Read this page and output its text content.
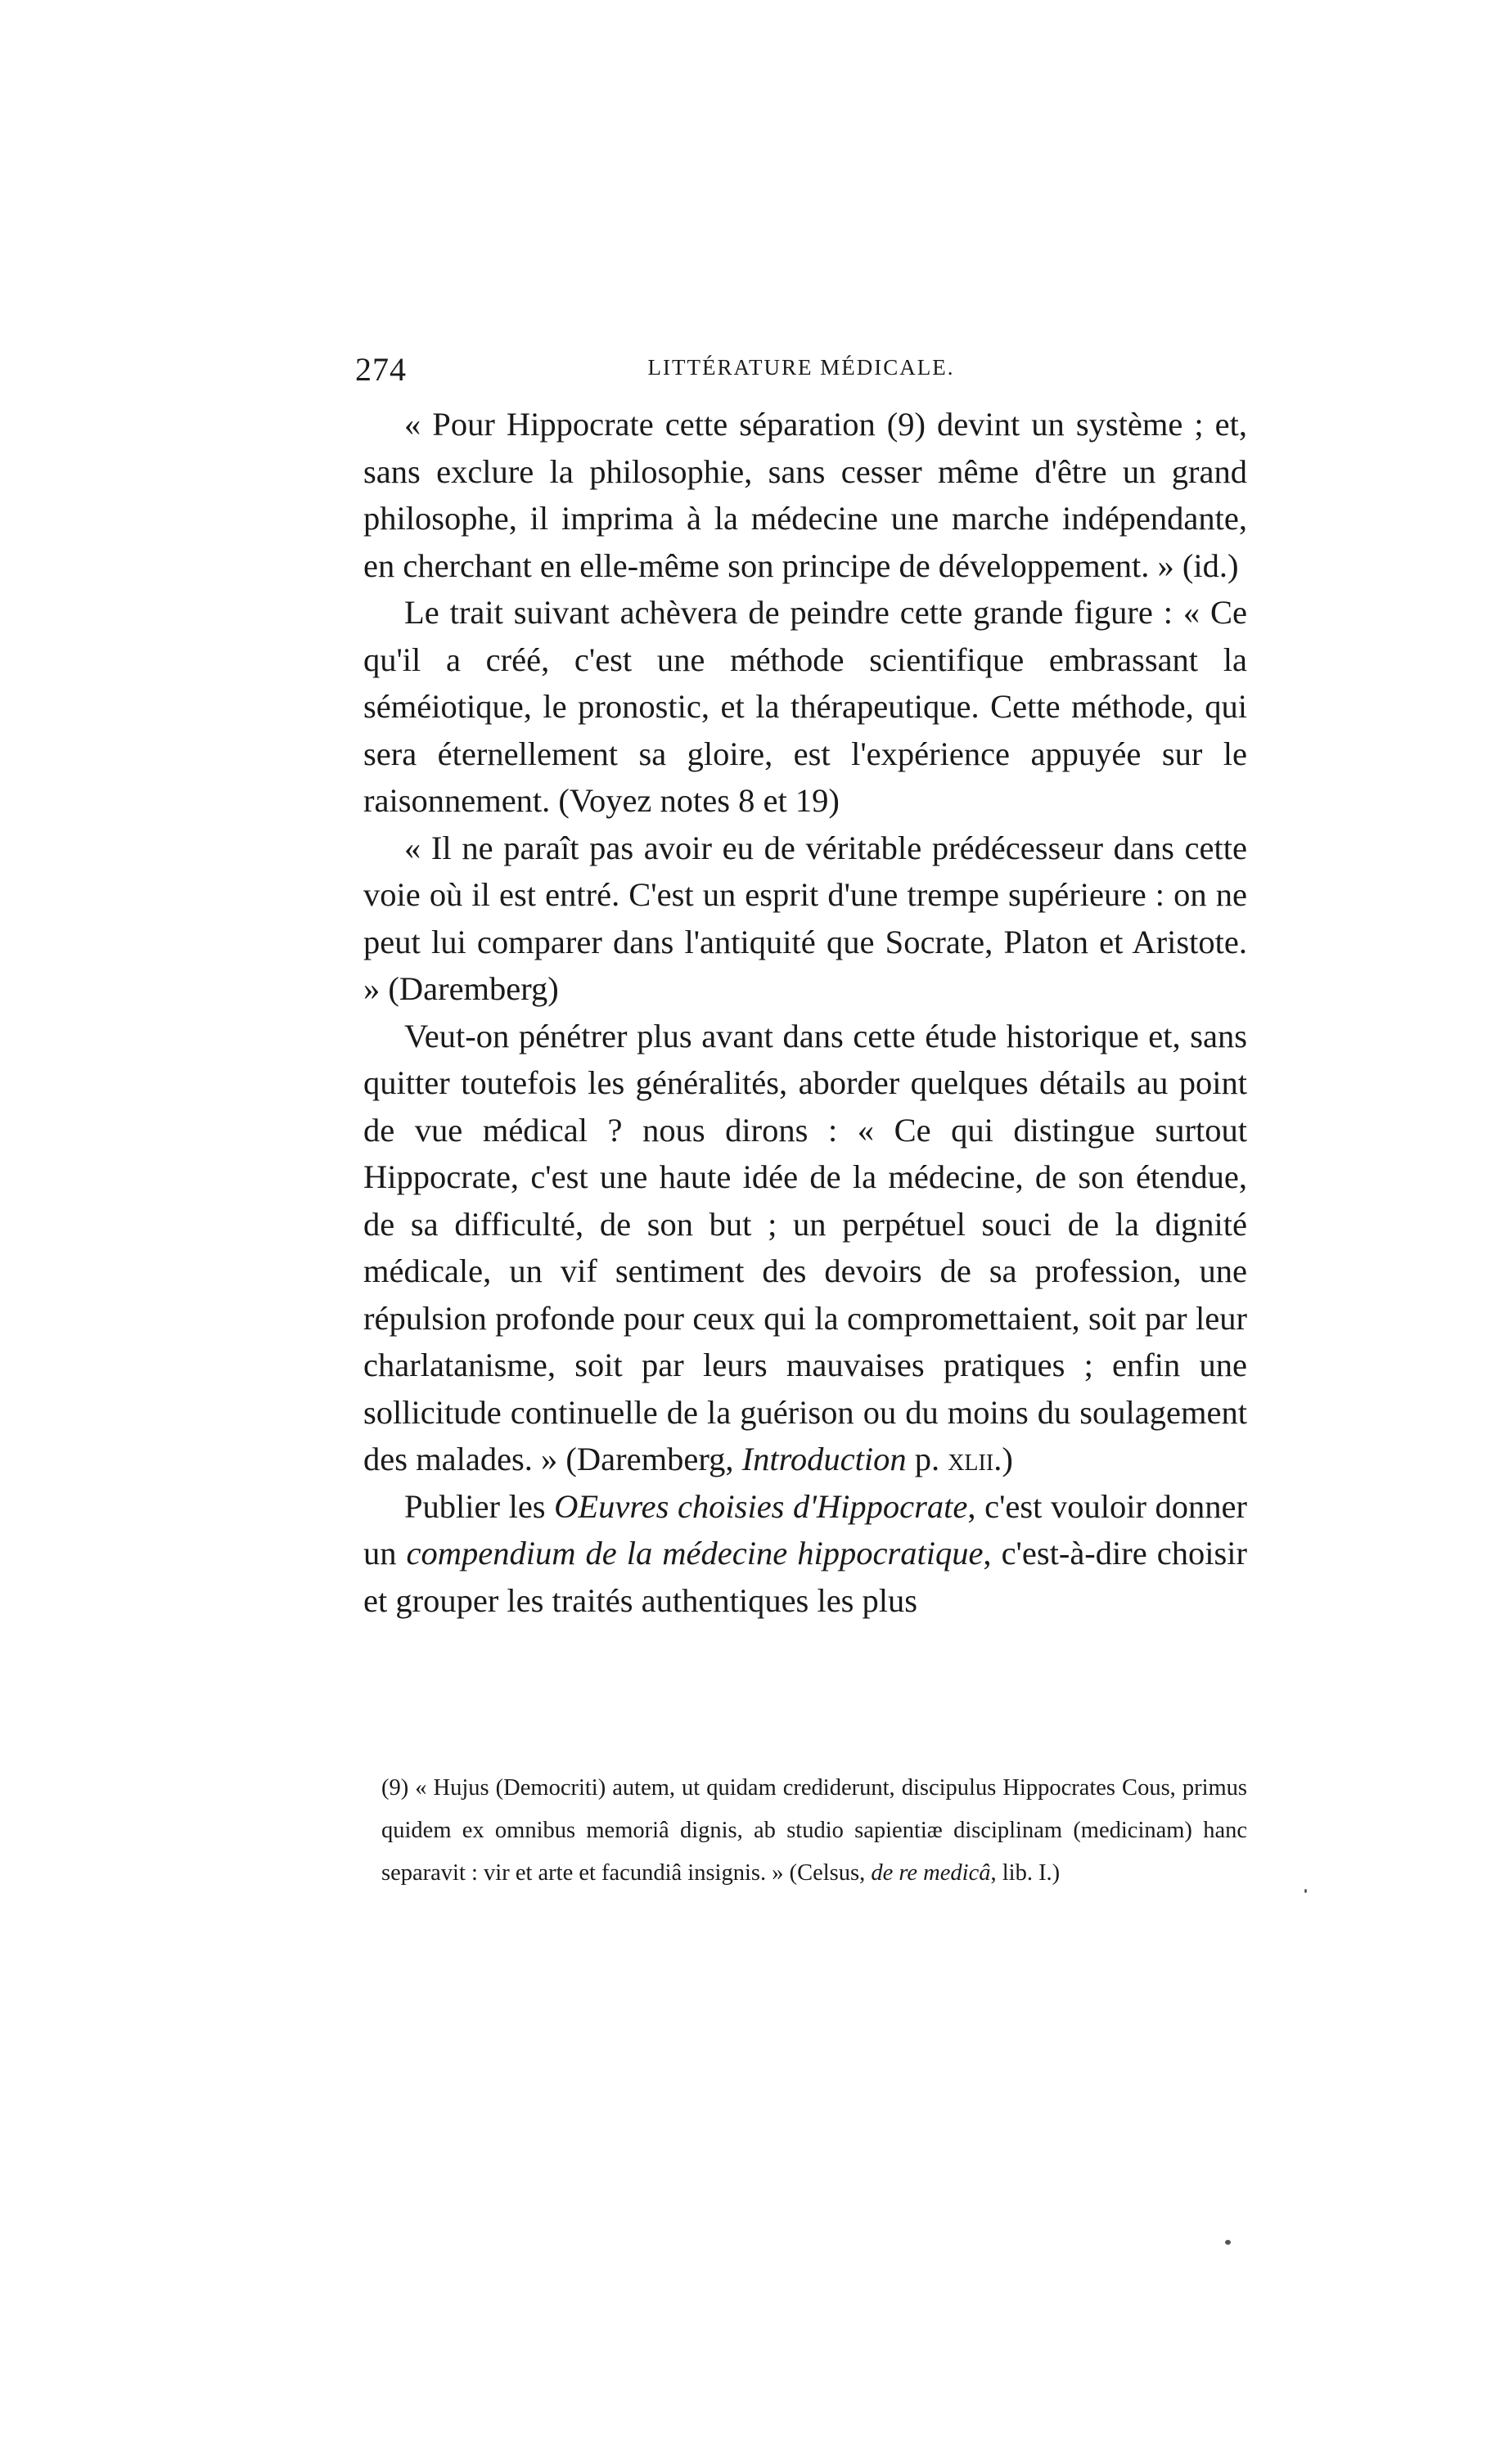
274	LITTÉRATURE MÉDICALE.

« Pour Hippocrate cette séparation (9) devint un système ; et, sans exclure la philosophie, sans cesser même d'être un grand philosophe, il imprima à la médecine une marche indépendante, en cherchant en elle-même son principe de développement. » (id.)

Le trait suivant achèvera de peindre cette grande figure : « Ce qu'il a créé, c'est une méthode scientifique embrassant la séméiotique, le pronostic, et la thérapeutique. Cette méthode, qui sera éternellement sa gloire, est l'expérience appuyée sur le raisonnement. (Voyez notes 8 et 19)

« Il ne paraît pas avoir eu de véritable prédécesseur dans cette voie où il est entré. C'est un esprit d'une trempe supérieure : on ne peut lui comparer dans l'antiquité que Socrate, Platon et Aristote. » (Daremberg)

Veut-on pénétrer plus avant dans cette étude historique et, sans quitter toutefois les généralités, aborder quelques détails au point de vue médical ? nous dirons : « Ce qui distingue surtout Hippocrate, c'est une haute idée de la médecine, de son étendue, de sa difficulté, de son but ; un perpétuel souci de la dignité médicale, un vif sentiment des devoirs de sa profession, une répulsion profonde pour ceux qui la compromettaient, soit par leur charlatanisme, soit par leurs mauvaises pratiques ; enfin une sollicitude continuelle de la guérison ou du moins du soulagement des malades. » (Daremberg, Introduction p. xlii.)

Publier les OEuvres choisies d'Hippocrate, c'est vouloir donner un compendium de la médecine hippocratique, c'est-à-dire choisir et grouper les traités authentiques les plus

(9) « Hujus (Democriti) autem, ut quidam crediderunt, discipulus Hippocrates Cous, primus quidem ex omnibus memoriâ dignis, ab studio sapientiæ disciplinam (medicinam) hanc separavit : vir et arte et facundiâ insignis. » (Celsus, de re medicâ, lib. I.)
